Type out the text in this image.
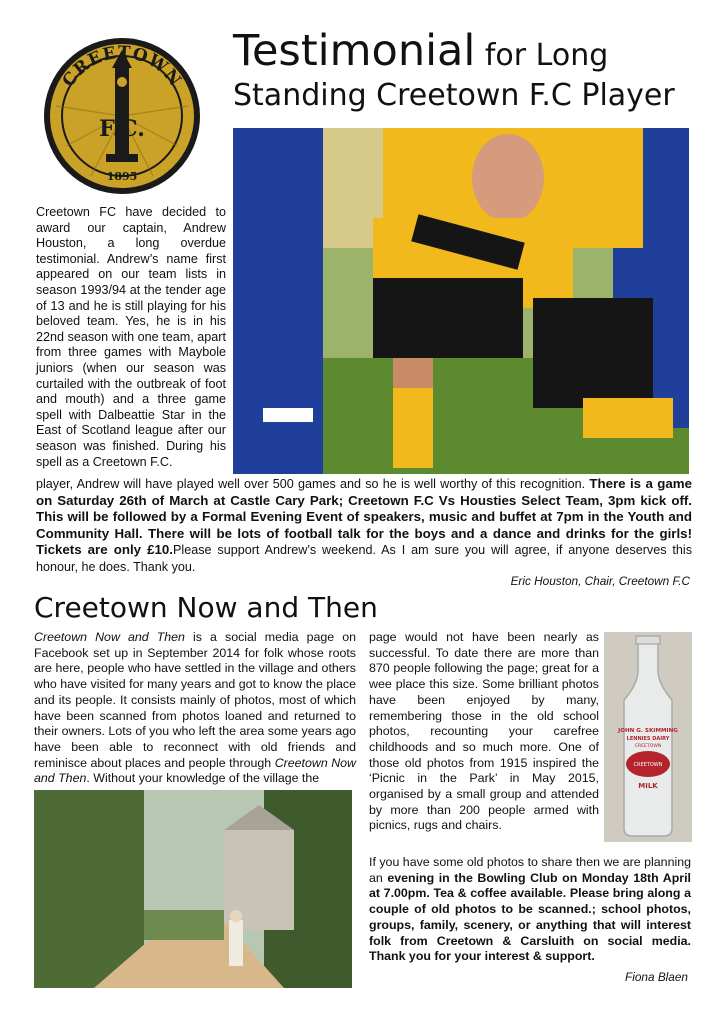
CREETOWN
F.C.
1895
Testimonial for Long
Standing Creetown F.C Player
Creetown FC have decided to award our captain, Andrew Houston, a long overdue testimonial. Andrew’s name first appeared on our team lists in season 1993/94 at the tender age of 13 and he is still playing for his beloved team. Yes, he is in his 22nd season with one team, apart from three games with Maybole juniors (when our season was curtailed with the outbreak of foot and mouth) and a three game spell with Dalbeattie Star in the East of Scotland league after our season was finished. During his spell as a Creetown F.C.
player, Andrew will have played well over 500 games and so he is well worthy of this recognition. There is a game on Saturday 26th of March at Castle Cary Park; Creetown F.C Vs Housties Select Team, 3pm kick off. This will be followed by a Formal Evening Event of speakers, music and buffet at 7pm in the Youth and Community Hall. There will be lots of football talk for the boys and a dance and drinks for the girls! Tickets are only £10.Please support Andrew’s weekend. As I am sure you will agree, if anyone deserves this honour, he does. Thank you.
Eric Houston, Chair, Creetown F.C
Creetown Now and Then
Creetown Now and Then is a social media page on Facebook set up in September 2014 for folk whose roots are here, people who have settled in the village and others who have visited for many years and got to know the place and its people. It consists mainly of photos, most of which have been scanned from photos loaned and returned to their owners. Lots of you who left the area some years ago have been able to reconnect with old friends and reminisce about places and people through Creetown Now and Then. Without your knowledge of the village the
page would not have been nearly as successful. To date there are more than 870 people following the page; great for a wee place this size. Some brilliant photos have been enjoyed by many, remembering those in the old school photos, recounting your carefree childhoods and so much more. One of those old photos from 1915 inspired the ‘Picnic in the Park’ in May 2015, organised by a small group and attended by more than 200 people armed with picnics, rugs and chairs.
JOHN G. SKIMMING
LENNIES DAIRY
CREETOWN
CREETOWN
MILK
If you have some old photos to share then we are planning an evening in the Bowling Club on Monday 18th April at 7.00pm. Tea & coffee available. Please bring along a couple of old photos to be scanned.; school photos, groups, family, scenery, or anything that will interest folk from Creetown & Carsluith on social media. Thank you for your interest & support.
Fiona Blaen
